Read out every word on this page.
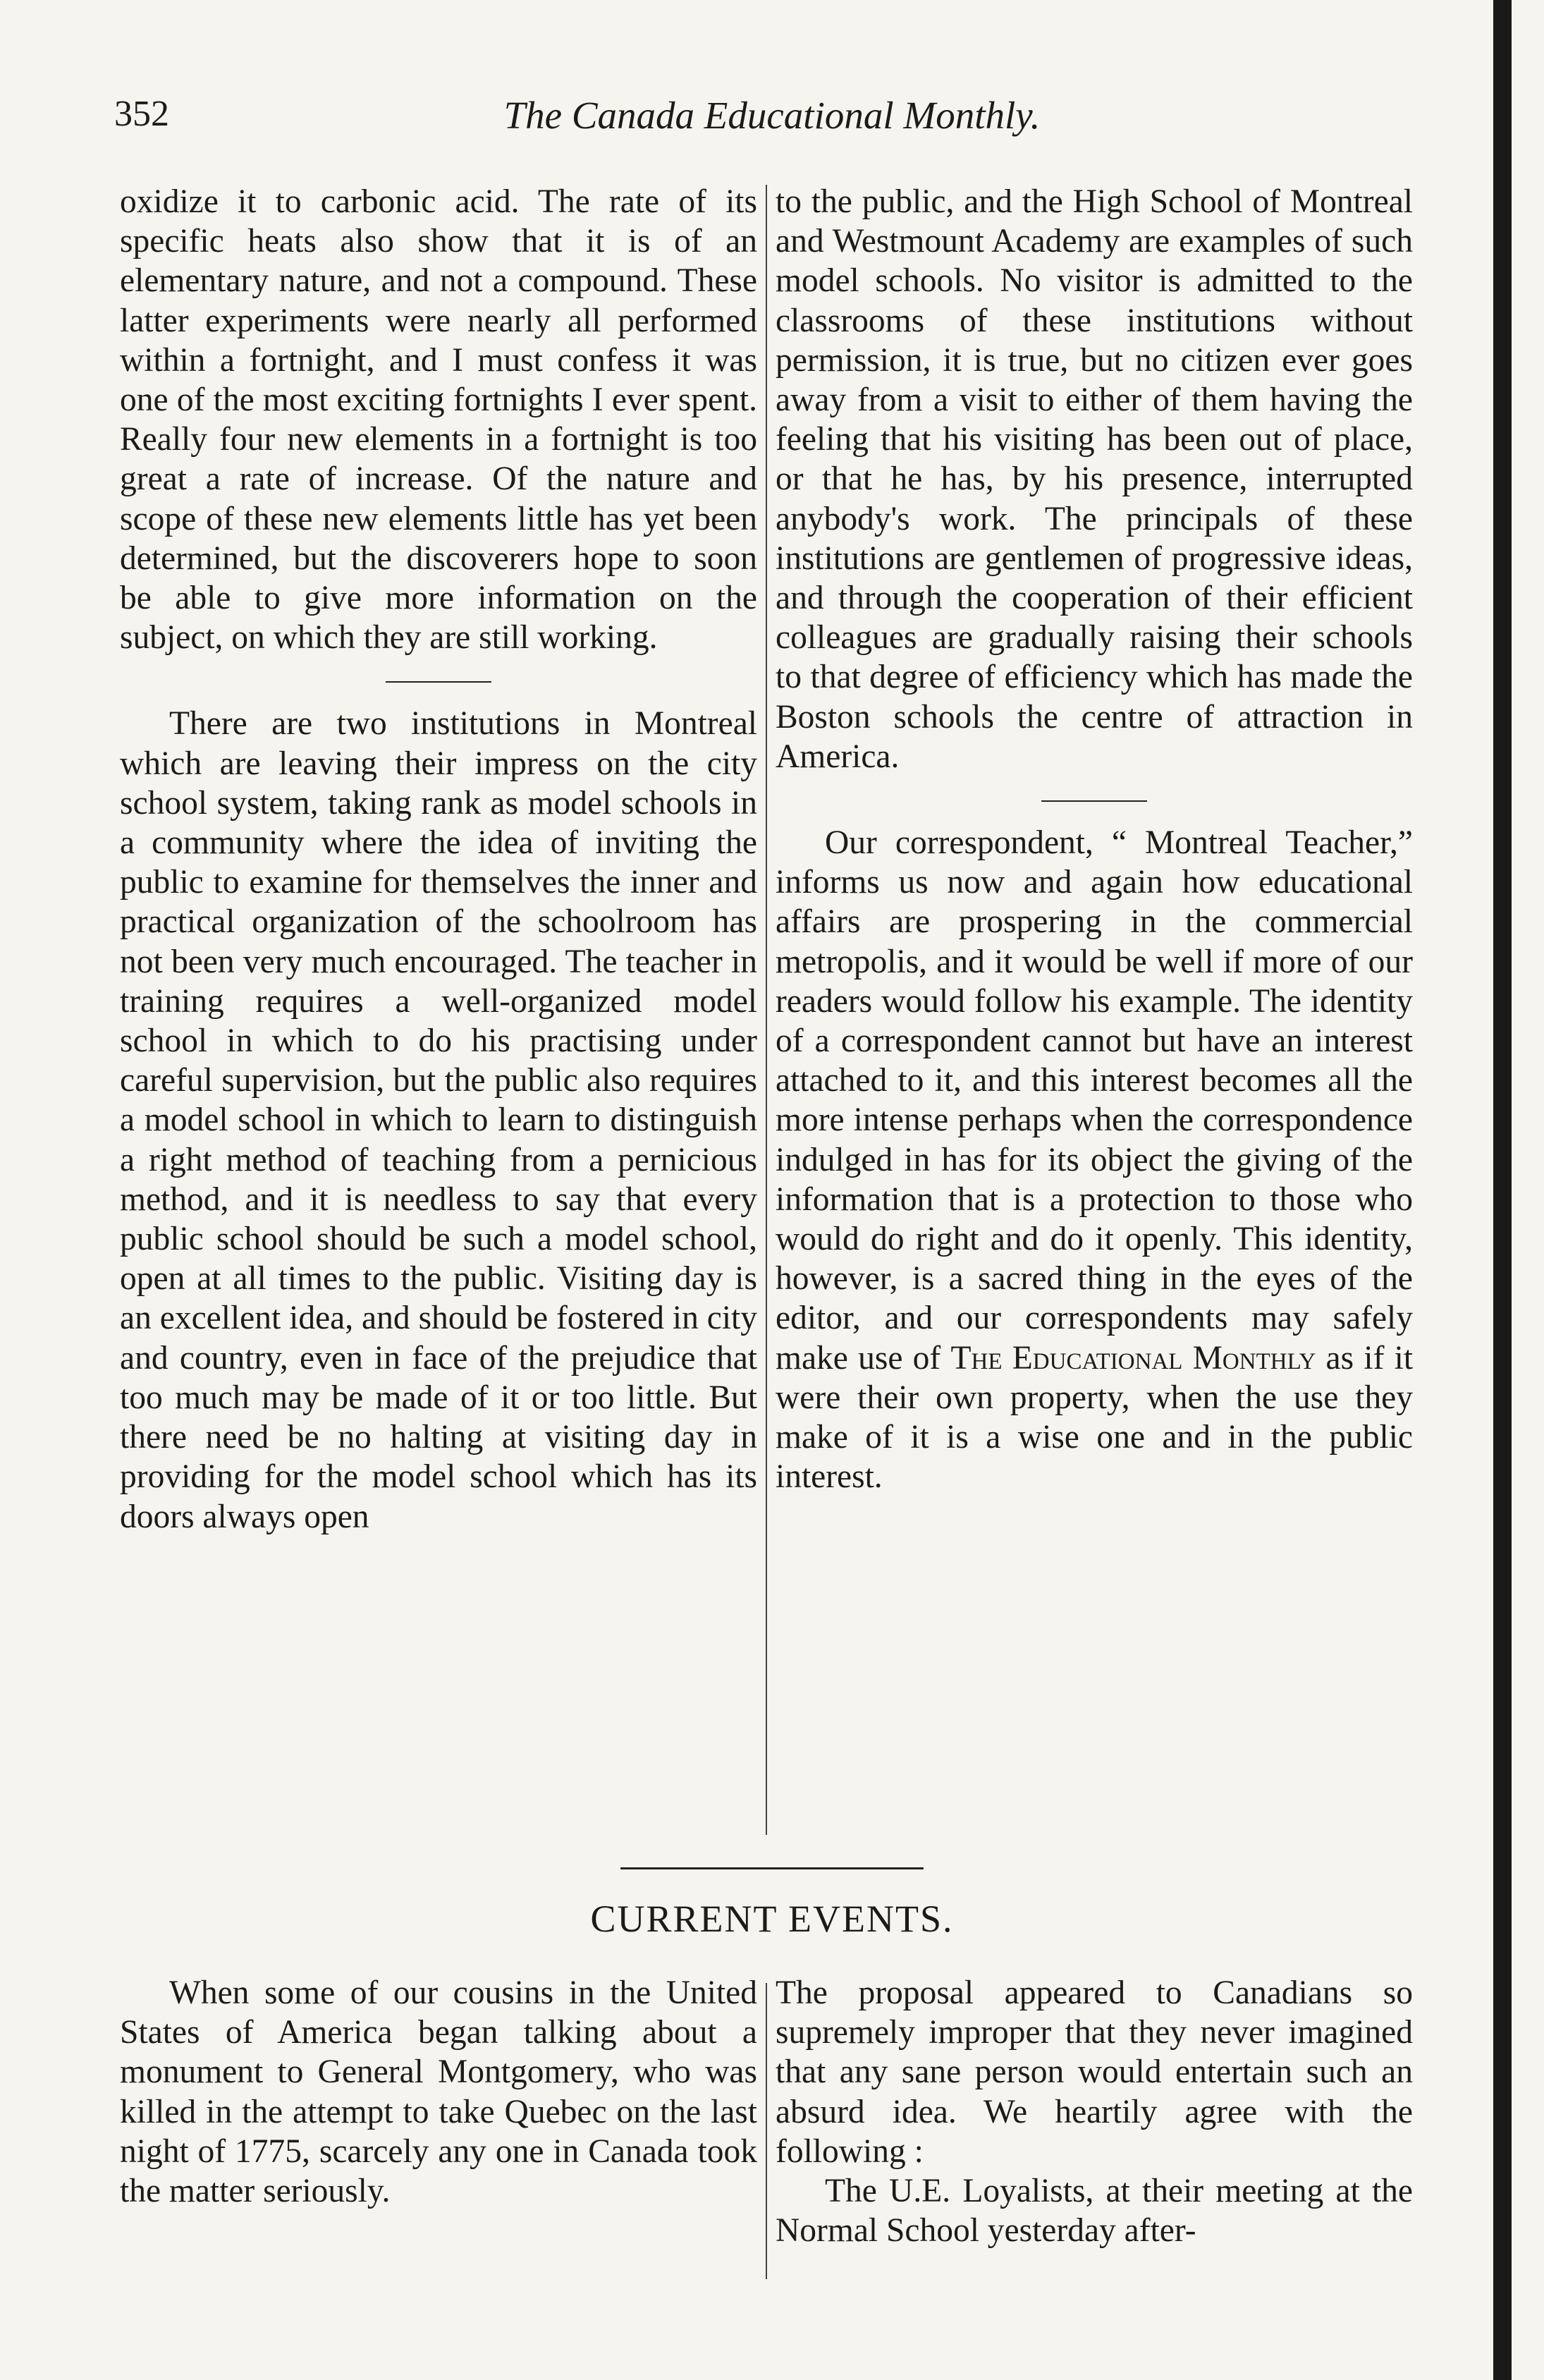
352	The Canada Educational Monthly.

oxidize it to carbonic acid. The rate of its specific heats also show that it is of an elementary nature, and not a compound. These latter experiments were nearly all performed within a fortnight, and I must confess it was one of the most exciting fortnights I ever spent. Really four new elements in a fortnight is too great a rate of increase. Of the nature and scope of these new elements little has yet been determined, but the discoverers hope to soon be able to give more information on the subject, on which they are still working.

There are two institutions in Montreal which are leaving their impress on the city school system, taking rank as model schools in a community where the idea of inviting the public to examine for themselves the inner and practical organization of the schoolroom has not been very much encouraged. The teacher in training requires a well-organized model school in which to do his practising under careful supervision, but the public also requires a model school in which to learn to distinguish a right method of teaching from a pernicious method, and it is needless to say that every public school should be such a model school, open at all times to the public. Visiting day is an excellent idea, and should be fostered in city and country, even in face of the prejudice that too much may be made of it or too little. But there need be no halting at visiting day in providing for the model school which has its doors always open

to the public, and the High School of Montreal and Westmount Academy are examples of such model schools. No visitor is admitted to the classrooms of these institutions without permission, it is true, but no citizen ever goes away from a visit to either of them having the feeling that his visiting has been out of place, or that he has, by his presence, interrupted anybody's work. The principals of these institutions are gentlemen of progressive ideas, and through the cooperation of their efficient colleagues are gradually raising their schools to that degree of efficiency which has made the Boston schools the centre of attraction in America.

Our correspondent, “ Montreal Teacher,” informs us now and again how educational affairs are prospering in the commercial metropolis, and it would be well if more of our readers would follow his example. The identity of a correspondent cannot but have an interest attached to it, and this interest becomes all the more intense perhaps when the correspondence indulged in has for its object the giving of the information that is a protection to those who would do right and do it openly. This identity, however, is a sacred thing in the eyes of the editor, and our correspondents may safely make use of The Educational Monthly as if it were their own property, when the use they make of it is a wise one and in the public interest.

CURRENT EVENTS.

When some of our cousins in the United States of America began talking about a monument to General Montgomery, who was killed in the attempt to take Quebec on the last night of 1775, scarcely any one in Canada took the matter seriously.

The proposal appeared to Canadians so supremely improper that they never imagined that any sane person would entertain such an absurd idea. We heartily agree with the following :

The U.E. Loyalists, at their meeting at the Normal School yesterday after-
